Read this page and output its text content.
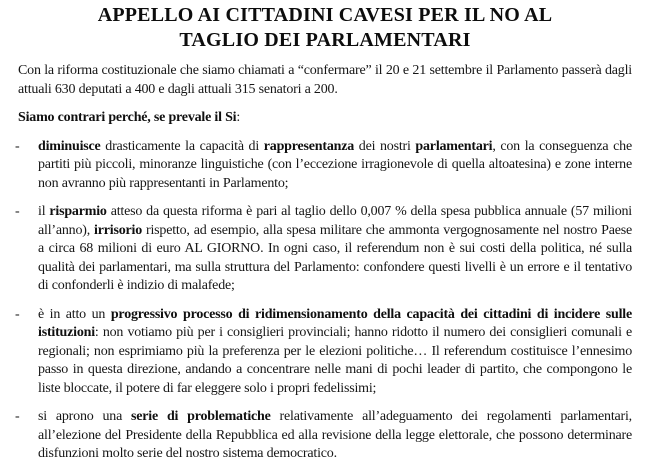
APPELLO AI CITTADINI CAVESI PER IL NO AL
TAGLIO DEI PARLAMENTARI

Con la riforma costituzionale che siamo chiamati a “confermare” il 20 e 21 settembre il Parlamento passerà dagli attuali 630 deputati a 400 e dagli attuali 315 senatori a 200.

Siamo contrari perché, se prevale il Si:

-	diminuisce drasticamente la capacità di rappresentanza dei nostri parlamentari, con la conseguenza che partiti più piccoli, minoranze linguistiche (con l’eccezione irragionevole di quella altoatesina) e zone interne non avranno più rappresentanti in Parlamento;
-	il risparmio atteso da questa riforma è pari al taglio dello 0,007 % della spesa pubblica annuale (57 milioni all’anno), irrisorio rispetto, ad esempio, alla spesa militare che ammonta vergognosamente nel nostro Paese a circa 68 milioni di euro AL GIORNO. In ogni caso, il referendum non è sui costi della politica, né sulla qualità dei parlamentari, ma sulla struttura del Parlamento: confondere questi livelli è un errore e il tentativo di confonderli è indizio di malafede;
-	è in atto un progressivo processo di ridimensionamento della capacità dei cittadini di incidere sulle istituzioni: non votiamo più per i consiglieri provinciali; hanno ridotto il numero dei consiglieri comunali e regionali; non esprimiamo più la preferenza per le elezioni politiche… Il referendum costituisce l’ennesimo passo in questa direzione, andando a concentrare nelle mani di pochi leader di partito, che compongono le liste bloccate, il potere di far eleggere solo i propri fedelissimi;
-	si aprono una serie di problematiche relativamente all’adeguamento dei regolamenti parlamentari, all’elezione del Presidente della Repubblica ed alla revisione della legge elettorale, che possono determinare disfunzioni molto serie del nostro sistema democratico.
